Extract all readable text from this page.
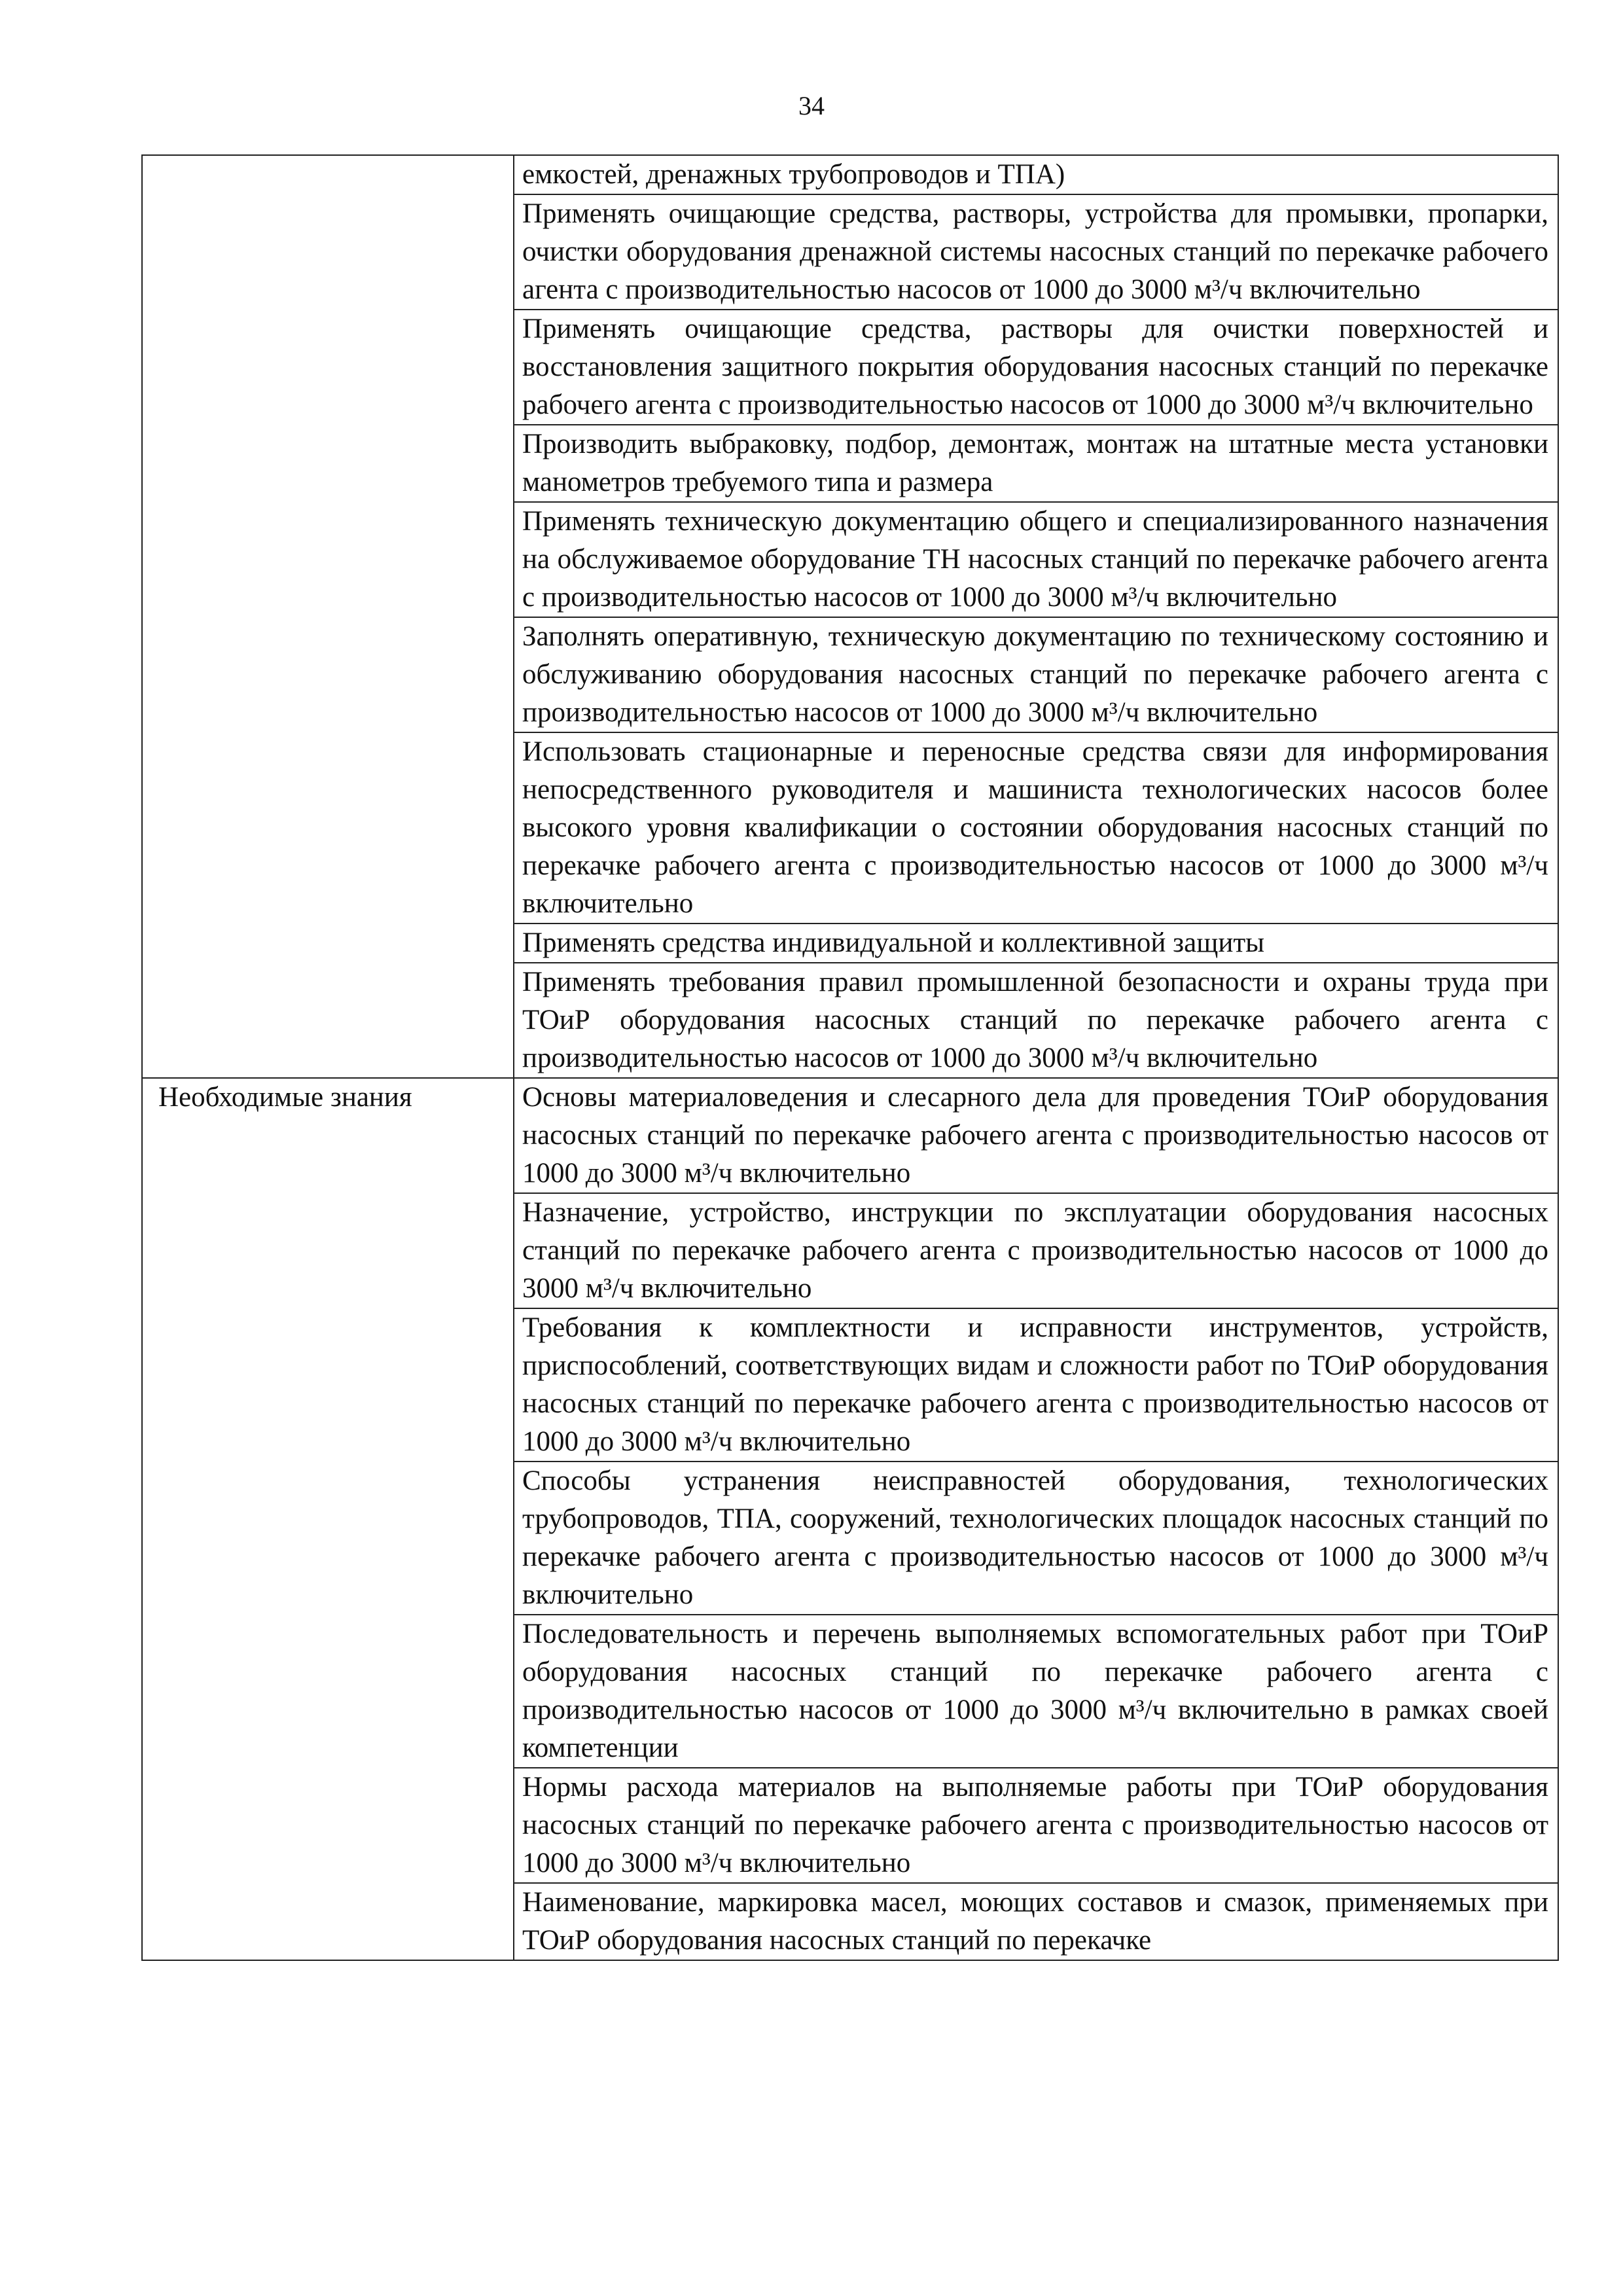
34

	емкостей, дренажных трубопроводов и ТПА)

	Применять очищающие средства, растворы, устройства для промывки, пропарки, очистки оборудования дренажной системы насосных станций по перекачке рабочего агента с производительностью насосов от 1000 до 3000 м³/ч включительно

	Применять очищающие средства, растворы для очистки поверхностей и восстановления защитного покрытия оборудования насосных станций по перекачке рабочего агента с производительностью насосов от 1000 до 3000 м³/ч включительно

	Производить выбраковку, подбор, демонтаж, монтаж на штатные места установки манометров требуемого типа и размера

	Применять техническую документацию общего и специализированного назначения на обслуживаемое оборудование ТН насосных станций по перекачке рабочего агента с производительностью насосов от 1000 до 3000 м³/ч включительно

	Заполнять оперативную, техническую документацию по техническому состоянию и обслуживанию оборудования насосных станций по перекачке рабочего агента с производительностью насосов от 1000 до 3000 м³/ч включительно

	Использовать стационарные и переносные средства связи для информирования непосредственного руководителя и машиниста технологических насосов более высокого уровня квалификации о состоянии оборудования насосных станций по перекачке рабочего агента с производительностью насосов от 1000 до 3000 м³/ч включительно

	Применять средства индивидуальной и коллективной защиты

	Применять требования правил промышленной безопасности и охраны труда при ТОиР оборудования насосных станций по перекачке рабочего агента с производительностью насосов от 1000 до 3000 м³/ч включительно

Необходимые знания	Основы материаловедения и слесарного дела для проведения ТОиР оборудования насосных станций по перекачке рабочего агента с производительностью насосов от 1000 до 3000 м³/ч включительно

	Назначение, устройство, инструкции по эксплуатации оборудования насосных станций по перекачке рабочего агента с производительностью насосов от 1000 до 3000 м³/ч включительно

	Требования к комплектности и исправности инструментов, устройств, приспособлений, соответствующих видам и сложности работ по ТОиР оборудования насосных станций по перекачке рабочего агента с производительностью насосов от 1000 до 3000 м³/ч включительно

	Способы устранения неисправностей оборудования, технологических трубопроводов, ТПА, сооружений, технологических площадок насосных станций по перекачке рабочего агента с производительностью насосов от 1000 до 3000 м³/ч включительно

	Последовательность и перечень выполняемых вспомогательных работ при ТОиР оборудования насосных станций по перекачке рабочего агента с производительностью насосов от 1000 до 3000 м³/ч включительно в рамках своей компетенции

	Нормы расхода материалов на выполняемые работы при ТОиР оборудования насосных станций по перекачке рабочего агента с производительностью насосов от 1000 до 3000 м³/ч включительно

	Наименование, маркировка масел, моющих составов и смазок, применяемых при ТОиР оборудования насосных станций по перекачке
